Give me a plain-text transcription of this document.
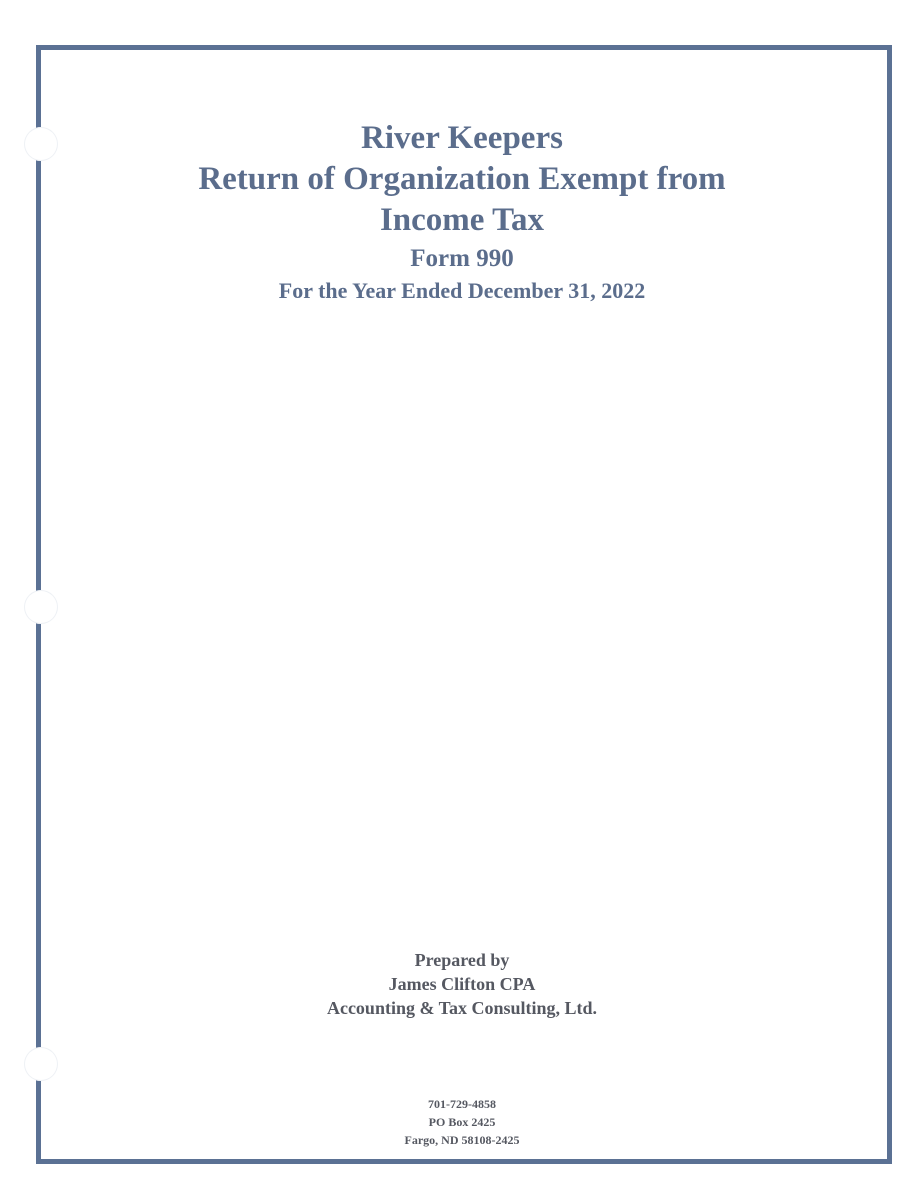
River Keepers
Return of Organization Exempt from
Income Tax
Form 990
For the Year Ended December 31, 2022
Prepared by
James Clifton CPA
Accounting & Tax Consulting, Ltd.
701-729-4858
PO Box 2425
Fargo, ND 58108-2425
